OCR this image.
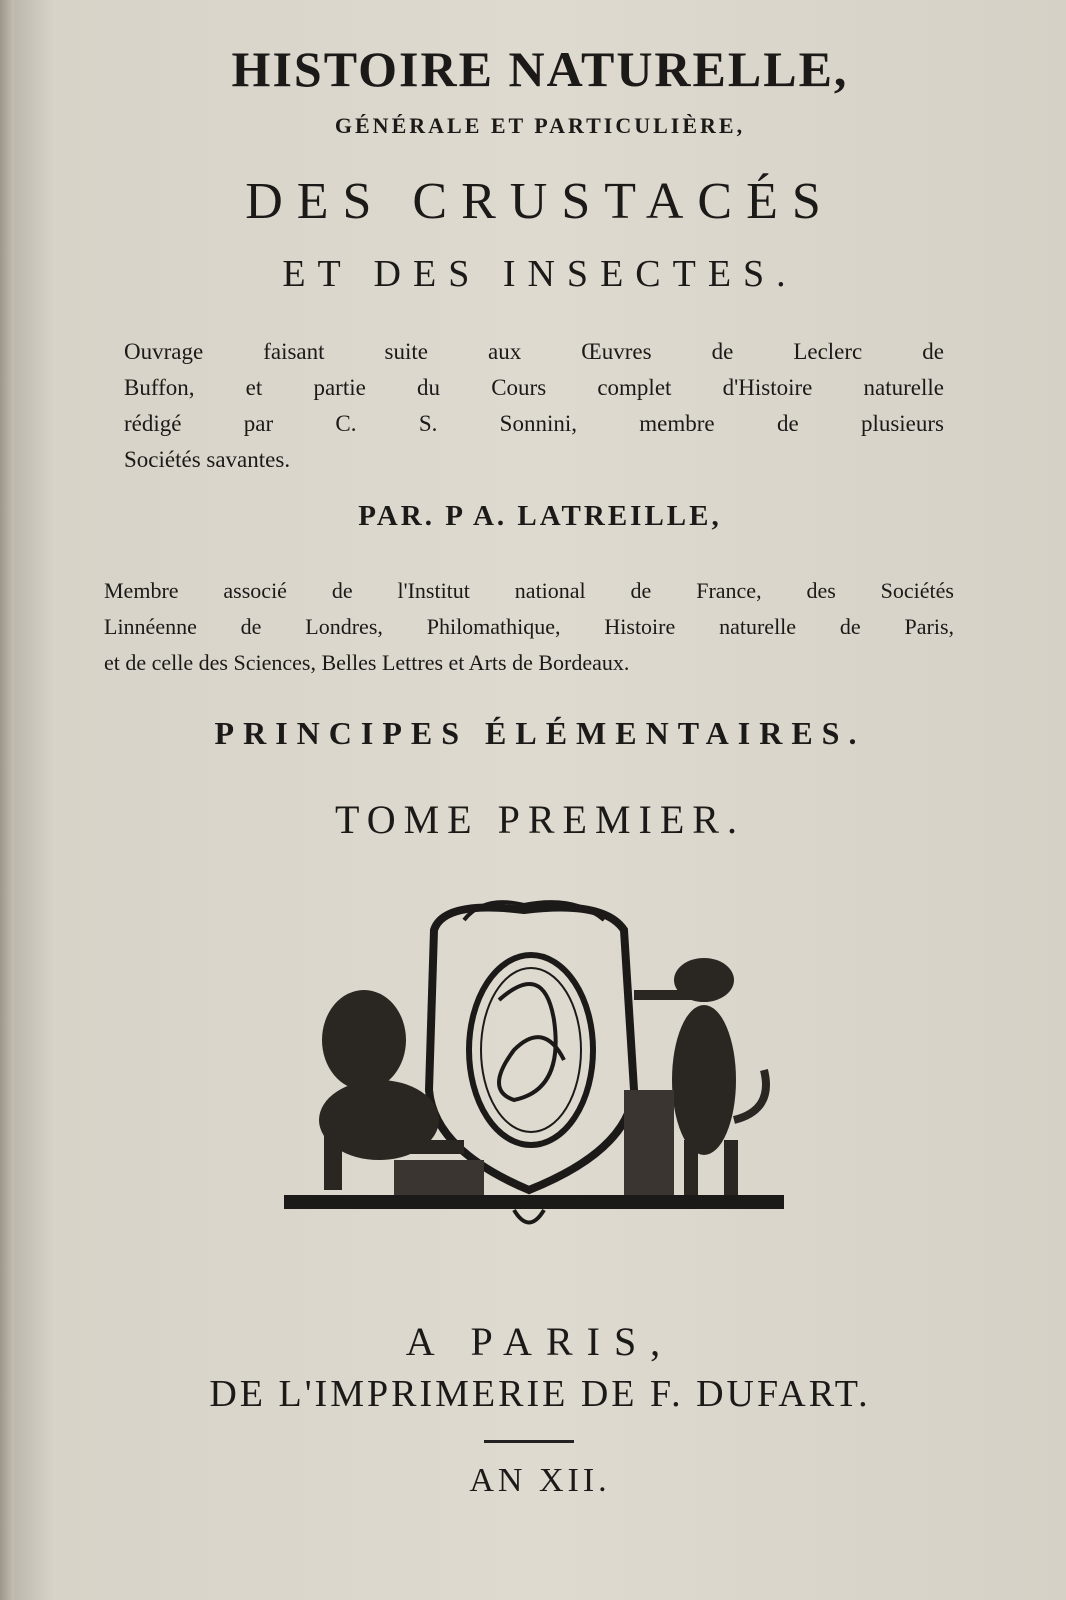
HISTOIRE NATURELLE,
GÉNÉRALE ET PARTICULIÈRE,
DES CRUSTACÉS
ET DES INSECTES.
Ouvrage faisant suite aux Œuvres de Leclerc de
Buffon, et partie du Cours complet d'Histoire naturelle
rédigé par C. S. Sonnini, membre de plusieurs
Sociétés savantes.
PAR. P A. LATREILLE,
Membre associé de l'Institut national de France, des Sociétés
Linnéenne de Londres, Philomathique, Histoire naturelle de Paris,
et de celle des Sciences, Belles Lettres et Arts de Bordeaux.
PRINCIPES ÉLÉMENTAIRES.
TOME PREMIER.
A PARIS,
DE L'IMPRIMERIE DE F. DUFART.
AN XII.
